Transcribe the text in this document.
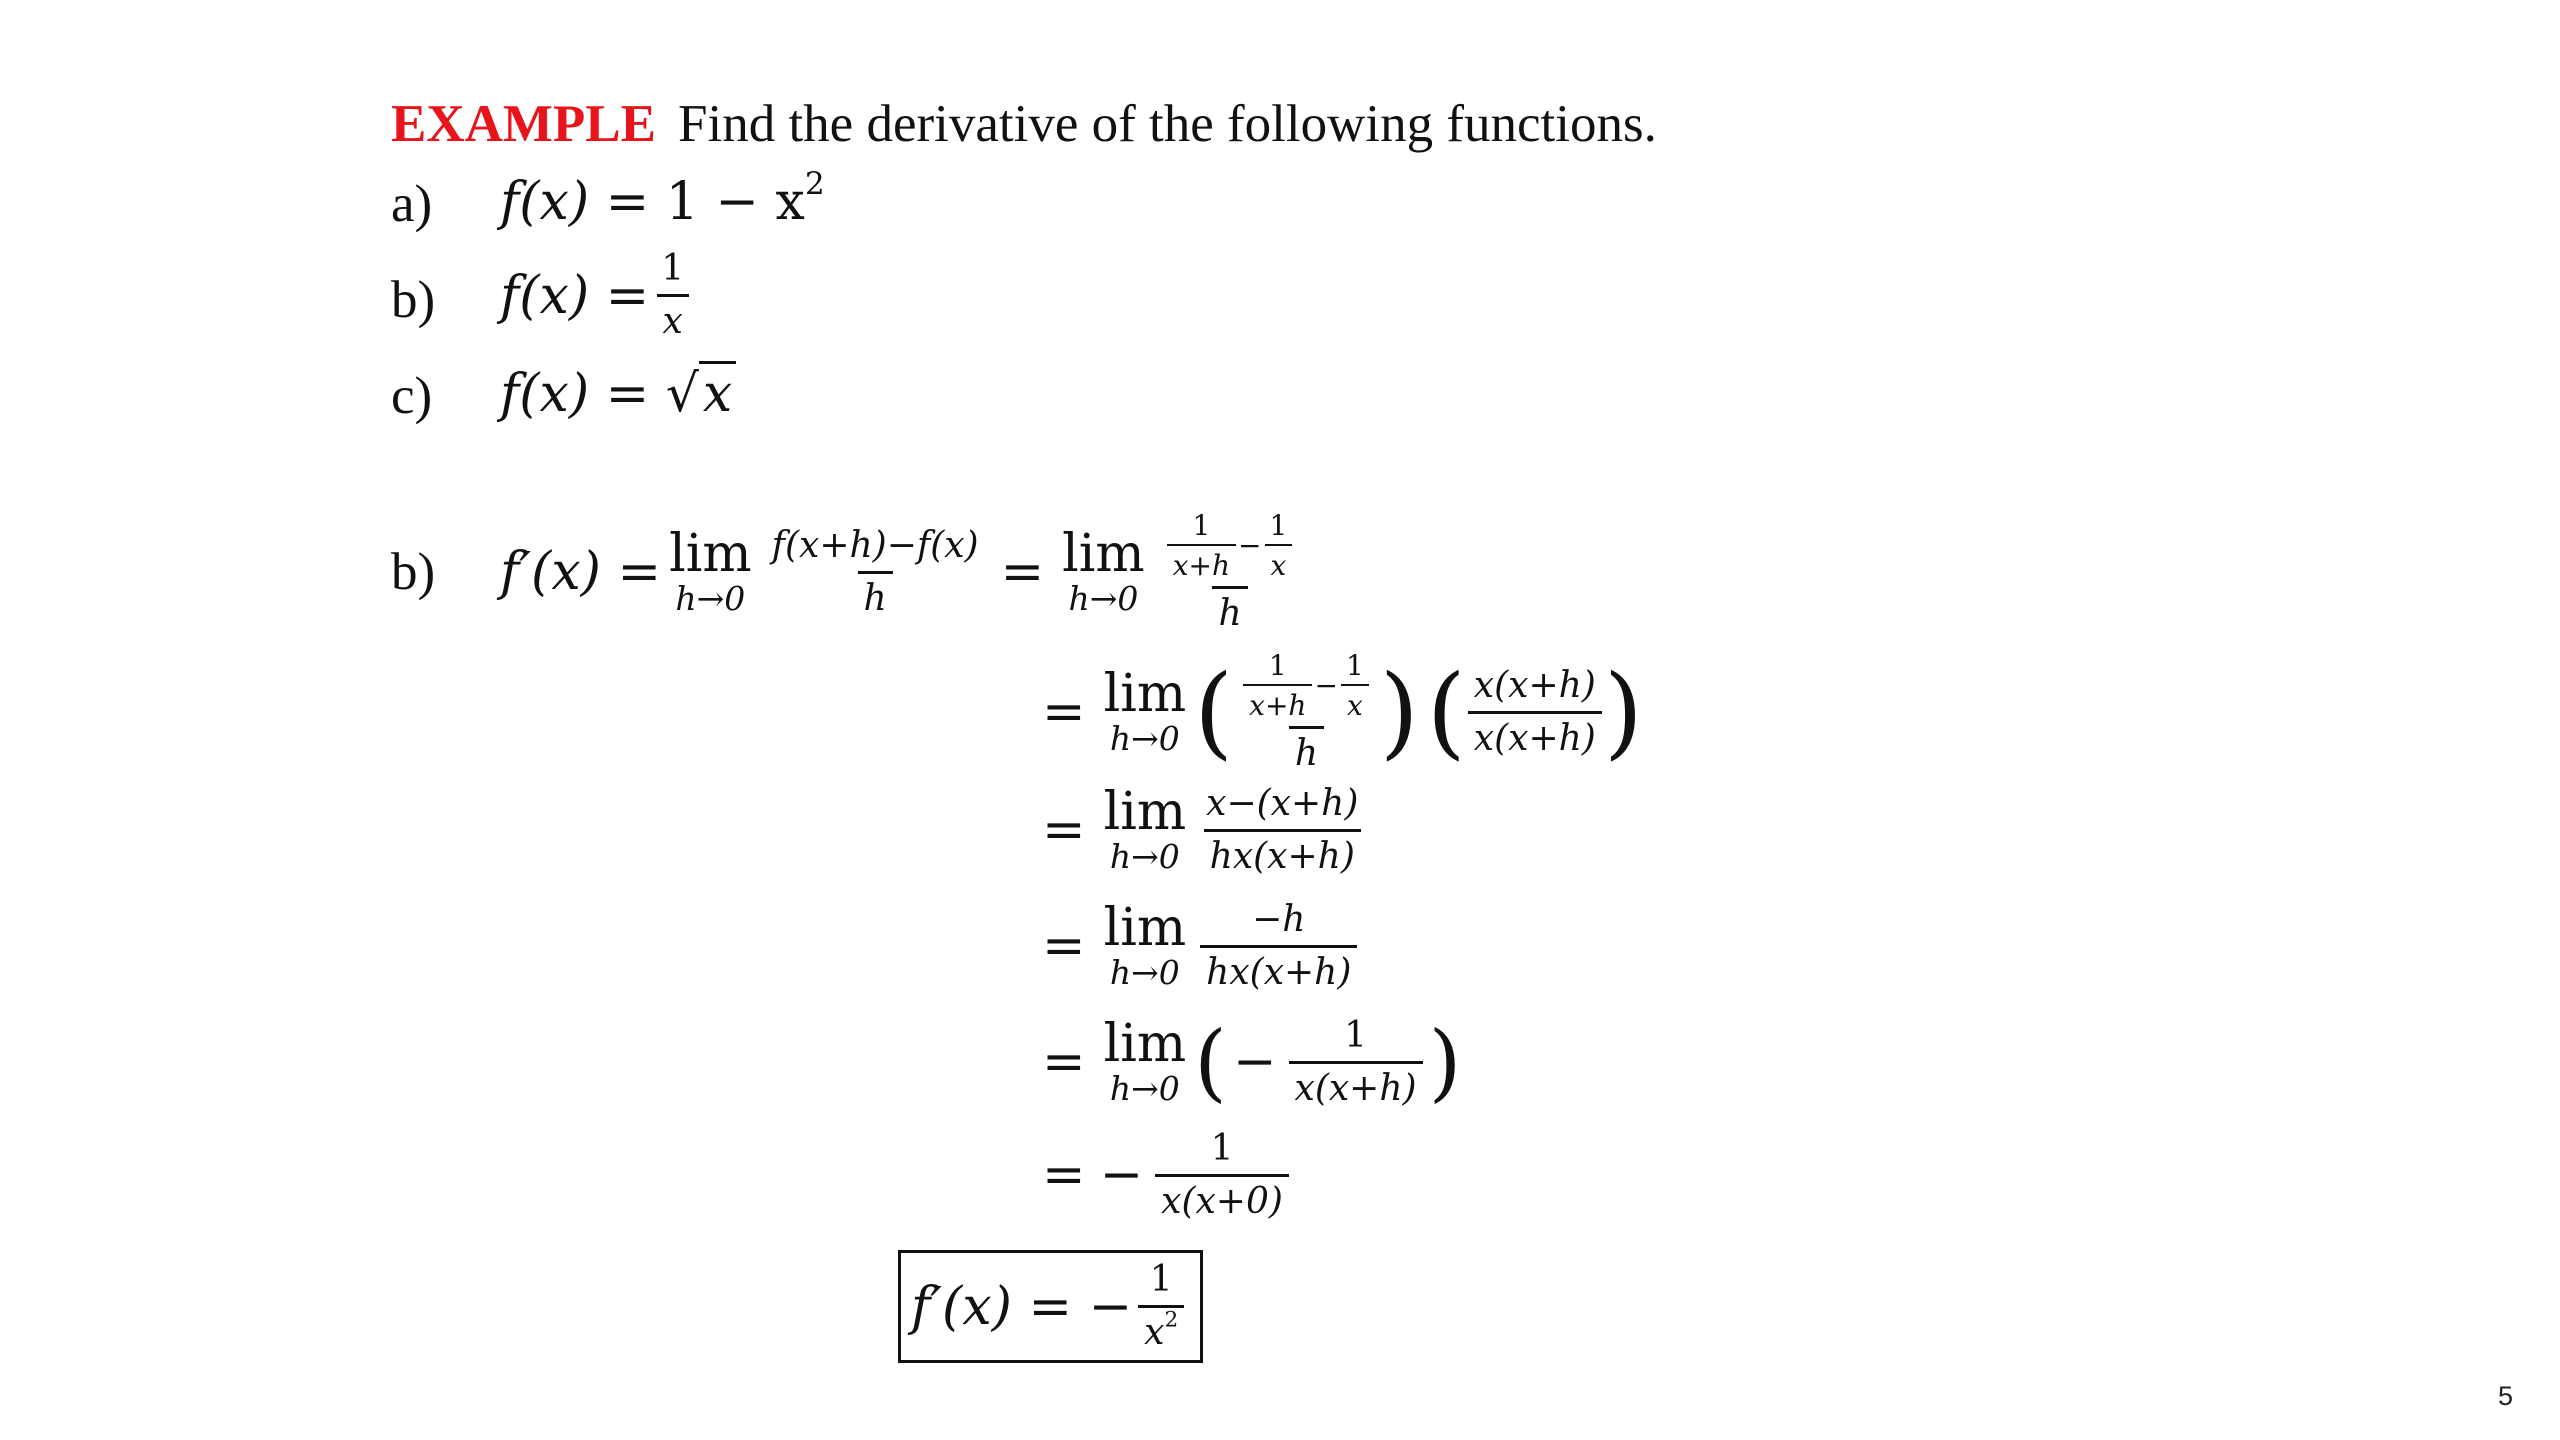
EXAMPLE Find the derivative of the following functions.
a) $f(x) = 1 - x^2$
b) $f(x) = \frac{1}{x}$
c) f(x) = √x
b) f′(x) = lim
$h\to 0 \frac{f(x+h)-f(x)}{h} = \lim$
$h\to 0 \frac{\frac{1}{x+h} - \frac{1}{x}}{h}$
= lim
h→0 ( $\frac{\frac{1}{x+h} - \frac{1}{x}}{h}$ ) ( $\frac{x(x+h)}{x(x+h)}$ )
= lim
$h\to 0 \frac{x-(x+h)}{hx(x+h)}$
= lim
$h\to 0 \frac{-h}{hx(x+h)}$
= lim
h→0 ( − $\frac{1}{x(x+h)}$ )
= − $\frac{1}{x(x+0)}$
f′(x) = − $\frac{1}{x^2}$
5
